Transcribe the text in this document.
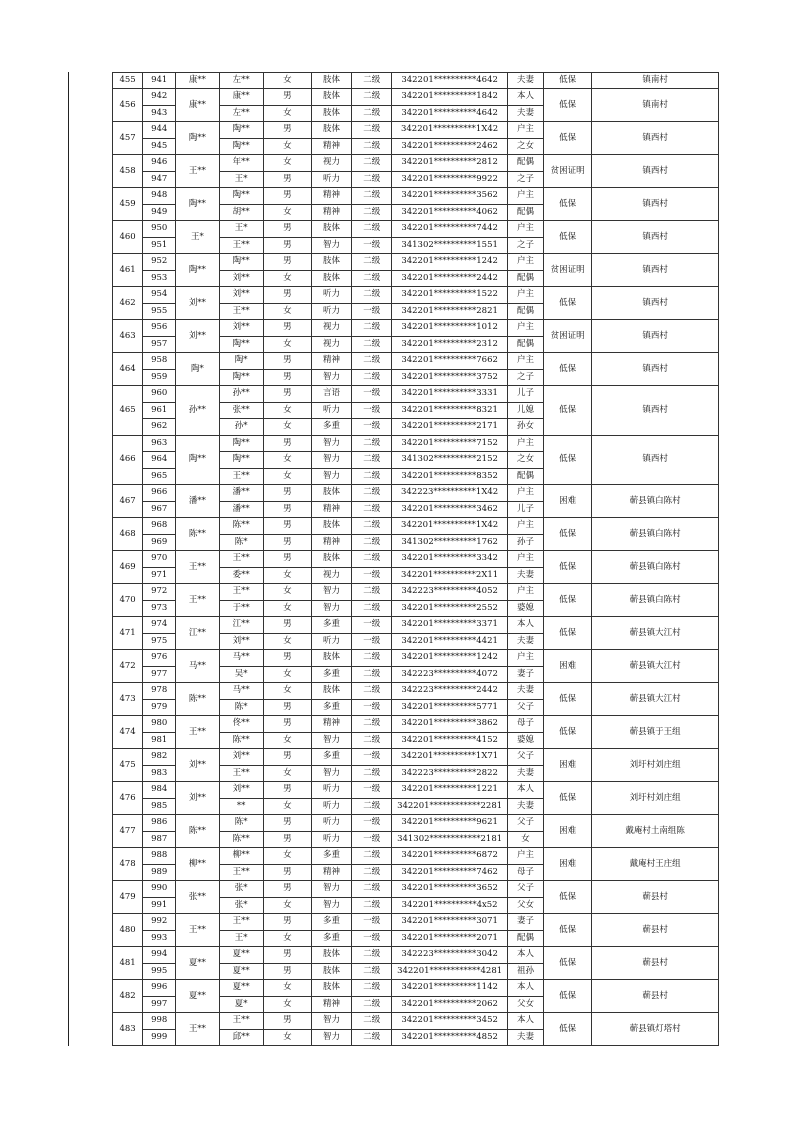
455	941	康**	左**	女	肢体	二级	342201**********4642	夫妻	低保	镇南村
456	942	康**	康**	男	肢体	二级	342201**********1842	本人	低保	镇南村
	943		左**	女	肢体	二级	342201**********4642	夫妻		
457	944	陶**	陶**	男	肢体	二级	342201**********1X42	户主	低保	镇西村
	945		陶**	女	精神	二级	342201**********2462	之女		
458	946	王**	年**	女	视力	二级	342201**********2812	配偶	贫困证明	镇西村
	947		王*	男	听力	二级	342201**********9922	之子		
459	948	陶**	陶**	男	精神	二级	342201**********3562	户主	低保	镇西村
	949		胡**	女	精神	二级	342201**********4062	配偶		
460	950	王*	王*	男	肢体	二级	342201**********7442	户主	低保	镇西村
	951		王**	男	智力	一级	341302**********1551	之子		
461	952	陶**	陶**	男	肢体	二级	342201**********1242	户主	贫困证明	镇西村
	953		刘**	女	肢体	二级	342201**********2442	配偶		
462	954	刘**	刘**	男	听力	二级	342201**********1522	户主	低保	镇西村
	955		王**	女	听力	一级	342201**********2821	配偶		
463	956	刘**	刘**	男	视力	二级	342201**********1012	户主	贫困证明	镇西村
	957		陶**	女	视力	二级	342201**********2312	配偶		
464	958	陶*	陶*	男	精神	二级	342201**********7662	户主	低保	镇西村
	959		陶**	男	智力	二级	342201**********3752	之子		
465	960	孙**	孙**	男	言语	一级	342201**********3331	儿子	低保	镇西村
	961		张**	女	听力	一级	342201**********8321	儿媳		
	962		孙*	女	多重	一级	342201**********2171	孙女		
466	963	陶**	陶**	男	智力	二级	342201**********7152	户主	低保	镇西村
	964		陶**	女	智力	二级	341302**********2152	之女		
	965		王**	女	智力	二级	342201**********8352	配偶		
467	966	潘**	潘**	男	肢体	二级	342223**********1X42	户主	困难	蕲县镇白陈村
	967		潘**	男	精神	二级	342201**********3462	儿子		
468	968	陈**	陈**	男	肢体	二级	342201**********1X42	户主	低保	蕲县镇白陈村
	969		陈*	男	精神	二级	341302**********1762	孙子		
469	970	王**	王**	男	肢体	二级	342201**********3342	户主	低保	蕲县镇白陈村
	971		委**	女	视力	一级	342201**********2X11	夫妻		
470	972	王**	王**	女	智力	二级	342223**********4052	户主	低保	蕲县镇白陈村
	973		于**	女	智力	二级	342201**********2552	婆媳		
471	974	江**	江**	男	多重	一级	342201**********3371	本人	低保	蕲县镇大江村
	975		刘**	女	听力	一级	342201**********4421	夫妻		
472	976	马**	马**	男	肢体	二级	342201**********1242	户主	困难	蕲县镇大江村
	977		吴*	女	多重	二级	342223**********4072	妻子		
473	978	陈**	马**	女	肢体	二级	342223**********2442	夫妻	低保	蕲县镇大江村
	979		陈*	男	多重	一级	342201**********5771	父子		
474	980	王**	佟**	男	精神	二级	342201**********3862	母子	低保	蕲县镇于王组
	981		陈**	女	智力	二级	342201**********4152	婆媳		
475	982	刘**	刘**	男	多重	一级	342201**********1X71	父子	困难	刘圩村刘庄组
	983		王**	女	智力	二级	342223**********2822	夫妻		
476	984	刘**	刘**	男	听力	一级	342201**********1221	本人	低保	刘圩村刘庄组
	985		**	女	听力	二级	342201************2281	夫妻		
477	986	陈**	陈*	男	听力	一级	342201**********9621	父子	困难	戴庵村土南组陈
	987		陈**	男	听力	一级	341302************2181	女		
478	988	柳**	柳**	女	多重	二级	342201**********6872	户主	困难	戴庵村王庄组
	989		王**	男	精神	二级	342201**********7462	母子		
479	990	张**	张*	男	智力	二级	342201**********3652	父子	低保	蕲县村
	991		张*	女	智力	二级	342201**********4x52	父女		
480	992	王**	王**	男	多重	一级	342201**********3071	妻子	低保	蕲县村
	993		王*	女	多重	一级	342201**********2071	配偶		
481	994	夏**	夏**	男	肢体	二级	342223**********3042	本人	低保	蕲县村
	995		夏**	男	肢体	二级	342201************4281	祖孙		
482	996	夏**	夏**	女	肢体	二级	342201**********1142	本人	低保	蕲县村
	997		夏*	女	精神	二级	342201**********2062	父女		
483	998	王**	王**	男	智力	二级	342201**********3452	本人	低保	蕲县镇灯塔村
	999		邱**	女	智力	二级	342201**********4852	夫妻		
